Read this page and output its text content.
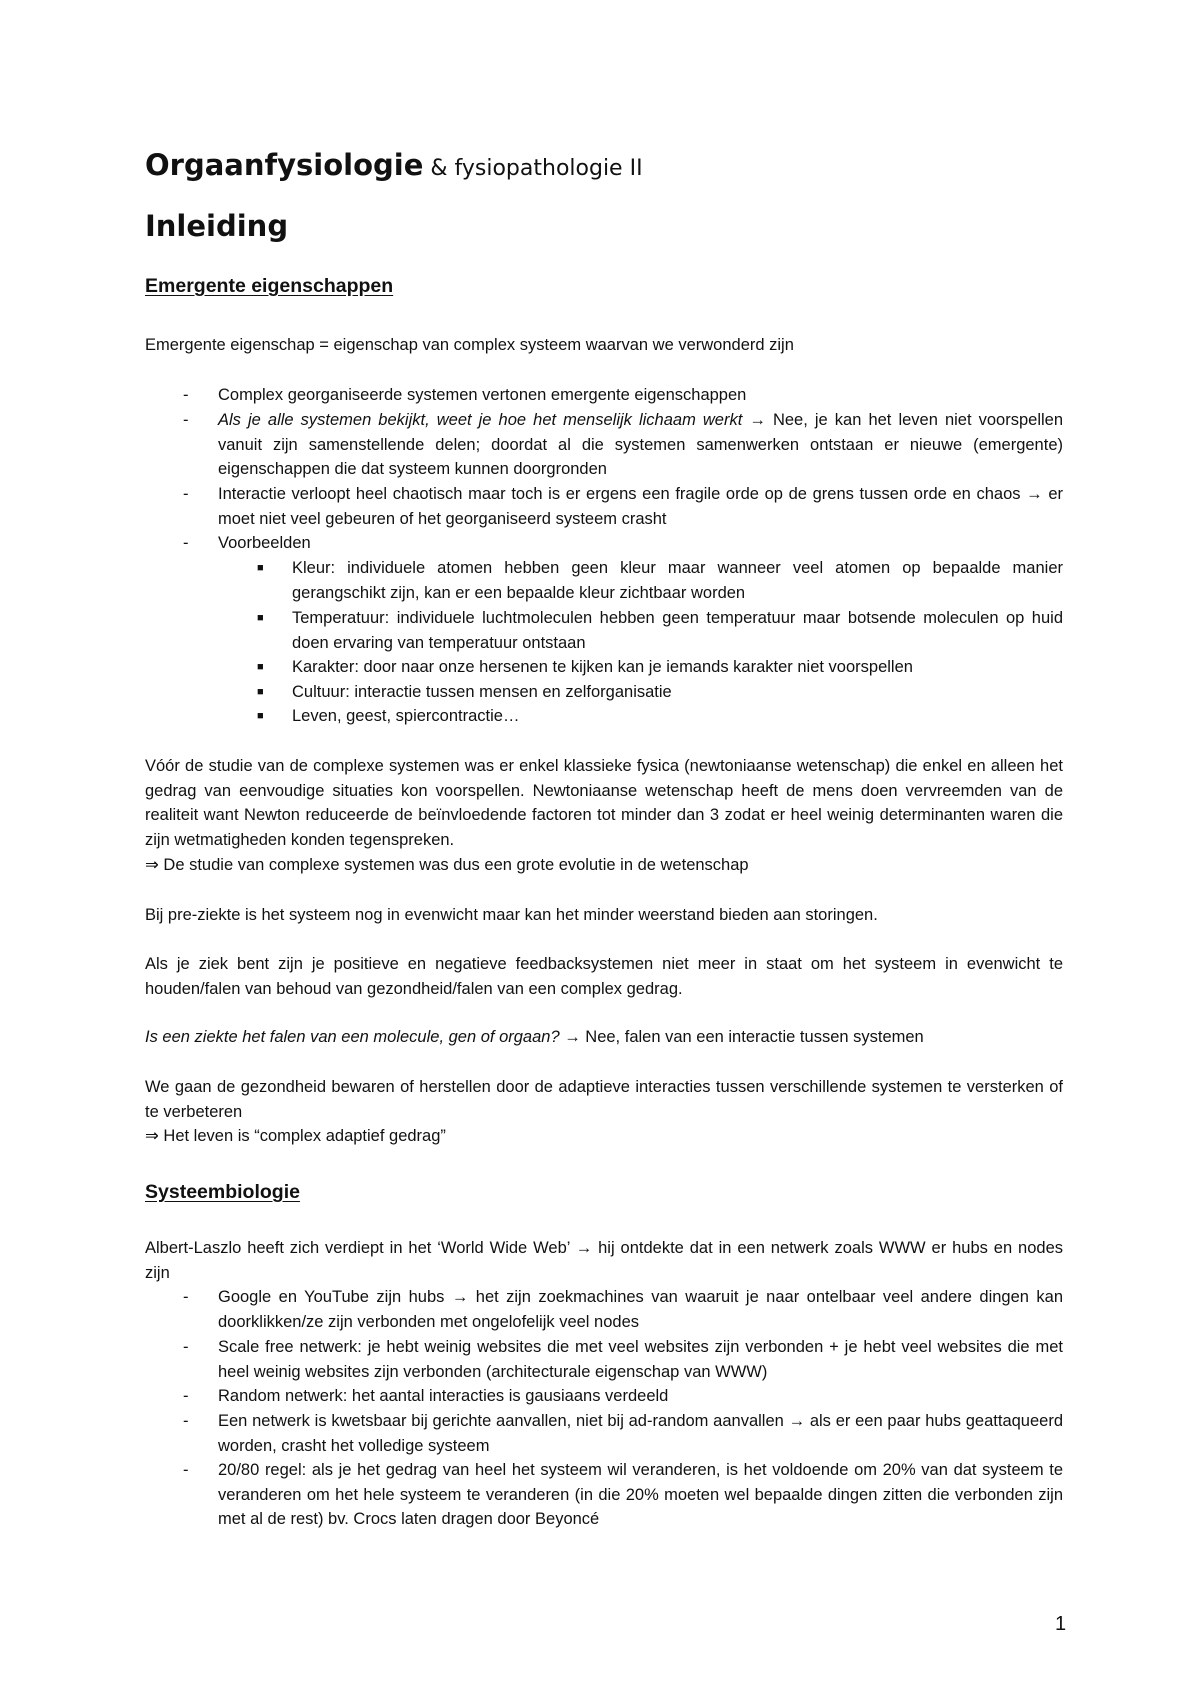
Orgaanfysiologie & fysiopathologie II
Inleiding
Emergente eigenschappen
Emergente eigenschap = eigenschap van complex systeem waarvan we verwonderd zijn
- Complex georganiseerde systemen vertonen emergente eigenschappen
- Als je alle systemen bekijkt, weet je hoe het menselijk lichaam werkt → Nee, je kan het leven niet voorspellen vanuit zijn samenstellende delen; doordat al die systemen samenwerken ontstaan er nieuwe (emergente) eigenschappen die dat systeem kunnen doorgronden
- Interactie verloopt heel chaotisch maar toch is er ergens een fragile orde op de grens tussen orde en chaos → er moet niet veel gebeuren of het georganiseerd systeem crasht
- Voorbeelden
■ Kleur: individuele atomen hebben geen kleur maar wanneer veel atomen op bepaalde manier gerangschikt zijn, kan er een bepaalde kleur zichtbaar worden
■ Temperatuur: individuele luchtmoleculen hebben geen temperatuur maar botsende moleculen op huid doen ervaring van temperatuur ontstaan
■ Karakter: door naar onze hersenen te kijken kan je iemands karakter niet voorspellen
■ Cultuur: interactie tussen mensen en zelforganisatie
■ Leven, geest, spiercontractie…
Vóór de studie van de complexe systemen was er enkel klassieke fysica (newtoniaanse wetenschap) die enkel en alleen het gedrag van eenvoudige situaties kon voorspellen. Newtoniaanse wetenschap heeft de mens doen vervreemden van de realiteit want Newton reduceerde de beïnvloedende factoren tot minder dan 3 zodat er heel weinig determinanten waren die zijn wetmatigheden konden tegenspreken.
⇒ De studie van complexe systemen was dus een grote evolutie in de wetenschap
Bij pre-ziekte is het systeem nog in evenwicht maar kan het minder weerstand bieden aan storingen.
Als je ziek bent zijn je positieve en negatieve feedbacksystemen niet meer in staat om het systeem in evenwicht te houden/falen van behoud van gezondheid/falen van een complex gedrag.
Is een ziekte het falen van een molecule, gen of orgaan? → Nee, falen van een interactie tussen systemen
We gaan de gezondheid bewaren of herstellen door de adaptieve interacties tussen verschillende systemen te versterken of te verbeteren
⇒ Het leven is “complex adaptief gedrag”
Systeembiologie
Albert-Laszlo heeft zich verdiept in het ‘World Wide Web’ → hij ontdekte dat in een netwerk zoals WWW er hubs en nodes zijn
- Google en YouTube zijn hubs → het zijn zoekmachines van waaruit je naar ontelbaar veel andere dingen kan doorklikken/ze zijn verbonden met ongelofelijk veel nodes
- Scale free netwerk: je hebt weinig websites die met veel websites zijn verbonden + je hebt veel websites die met heel weinig websites zijn verbonden (architecturale eigenschap van WWW)
- Random netwerk: het aantal interacties is gausiaans verdeeld
- Een netwerk is kwetsbaar bij gerichte aanvallen, niet bij ad-random aanvallen → als er een paar hubs geattaqueerd worden, crasht het volledige systeem
- 20/80 regel: als je het gedrag van heel het systeem wil veranderen, is het voldoende om 20% van dat systeem te veranderen om het hele systeem te veranderen (in die 20% moeten wel bepaalde dingen zitten die verbonden zijn met al de rest) bv. Crocs laten dragen door Beyoncé
1
